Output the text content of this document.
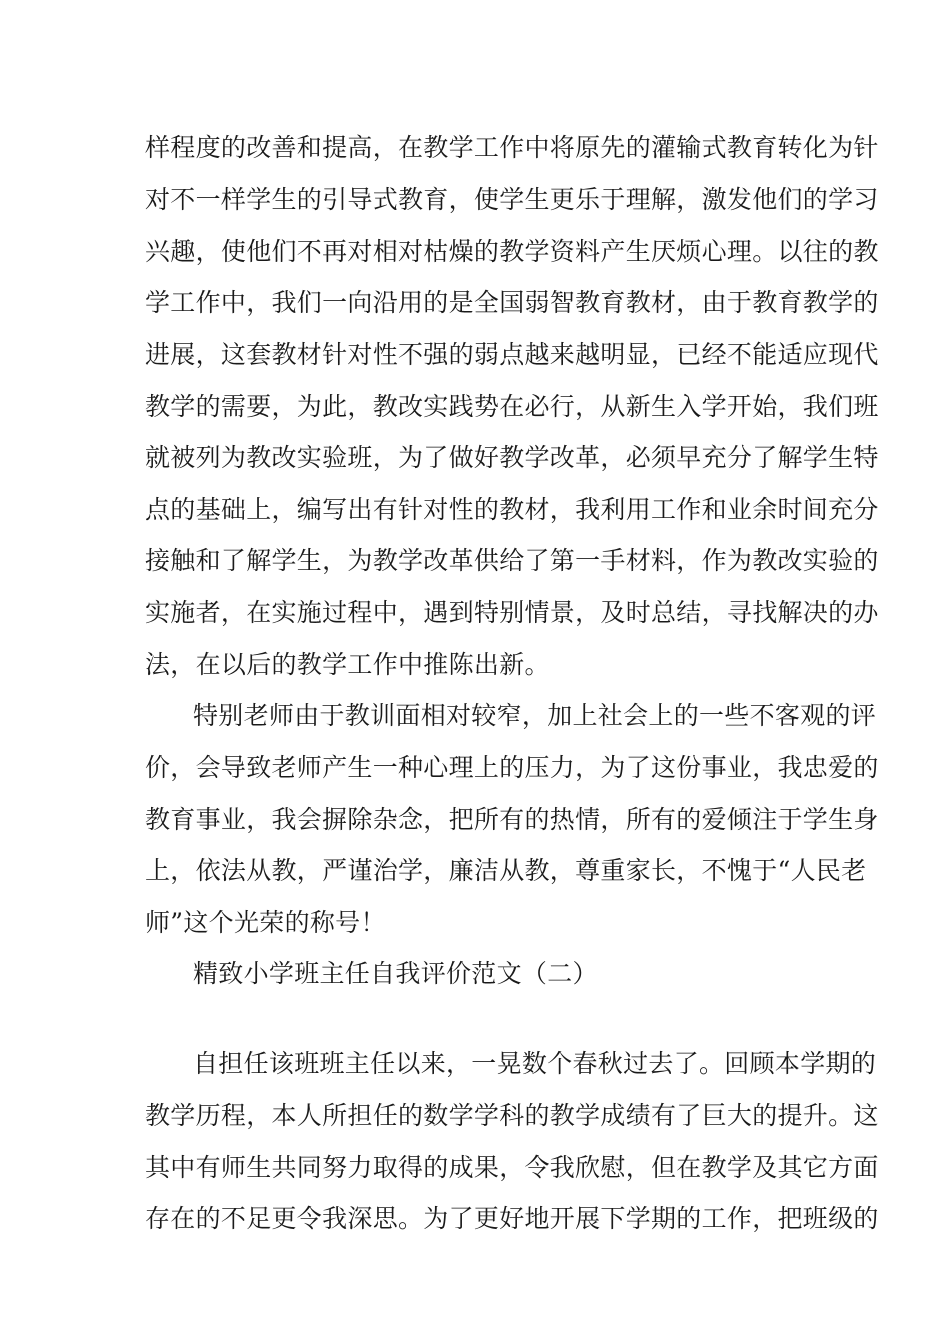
样程度的改善和提高，在教学工作中将原先的灌输式教育转化为针
对不一样学生的引导式教育，使学生更乐于理解，激发他们的学习
兴趣，使他们不再对相对枯燥的教学资料产生厌烦心理。以往的教
学工作中，我们一向沿用的是全国弱智教育教材，由于教育教学的
进展，这套教材针对性不强的弱点越来越明显，已经不能适应现代
教学的需要，为此，教改实践势在必行，从新生入学开始，我们班
就被列为教改实验班，为了做好教学改革，必须早充分了解学生特
点的基础上，编写出有针对性的教材，我利用工作和业余时间充分
接触和了解学生，为教学改革供给了第一手材料，作为教改实验的
实施者，在实施过程中，遇到特别情景，及时总结，寻找解决的办
法，在以后的教学工作中推陈出新。
特别老师由于教训面相对较窄，加上社会上的一些不客观的评
价，会导致老师产生一种心理上的压力，为了这份事业，我忠爱的
教育事业，我会摒除杂念，把所有的热情，所有的爱倾注于学生身
上，依法从教，严谨治学，廉洁从教，尊重家长，不愧于“人民老
师”这个光荣的称号！
精致小学班主任自我评价范文（二）
自担任该班班主任以来，一晃数个春秋过去了。回顾本学期的
教学历程，本人所担任的数学学科的教学成绩有了巨大的提升。这
其中有师生共同努力取得的成果，令我欣慰，但在教学及其它方面
存在的不足更令我深思。为了更好地开展下学期的工作，把班级的
